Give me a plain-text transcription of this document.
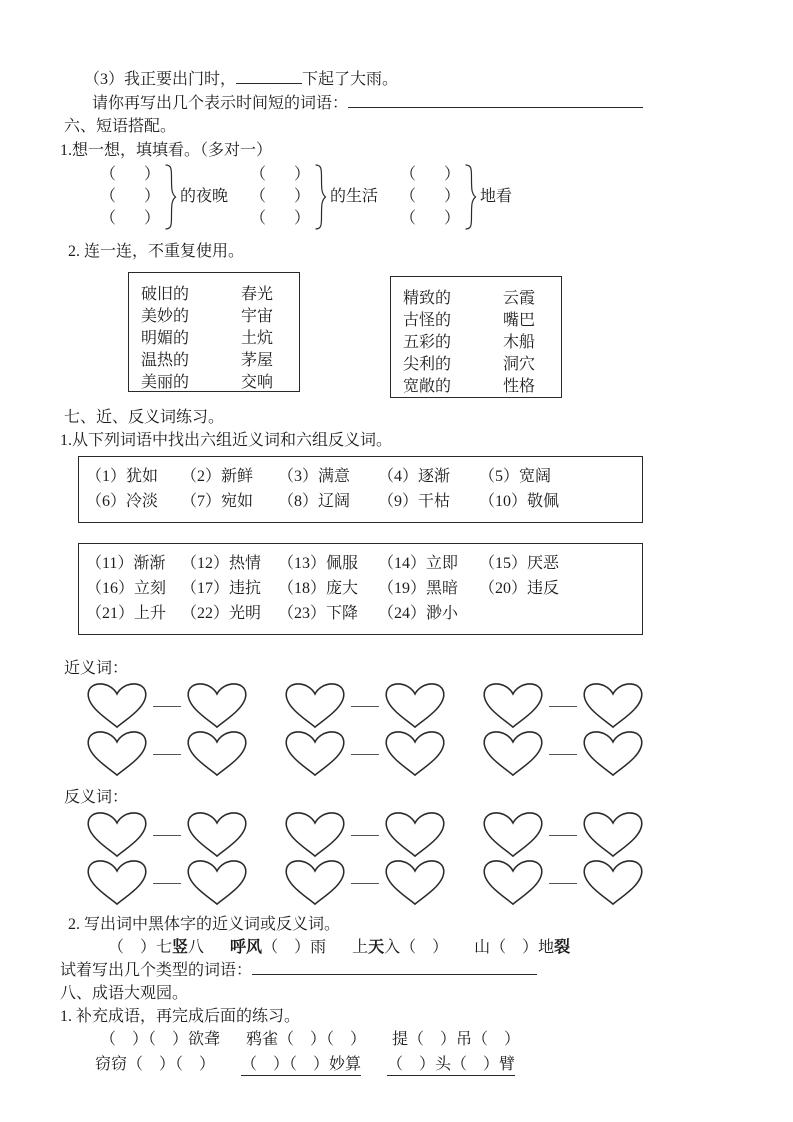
（3）我正要出门时，	下起了大雨。
请你再写出几个表示时间短的词语：
六、短语搭配。
1.想一想，填填看。（多对一）
（ ）
（ ）
（ ）
的夜晚
（ ）
（ ）
（ ）
的生活
（ ）
（ ）
（ ）
地看
2. 连一连，不重复使用。
破旧的	春光
美妙的	宇宙
明媚的	土炕
温热的	茅屋
美丽的	交响
精致的	云霞
古怪的	嘴巴
五彩的	木船
尖利的	洞穴
宽敞的	性格
七、近、反义词练习。
1.从下列词语中找出六组近义词和六组反义词。
（1）犹如	（2）新鲜	（3）满意	（4）逐渐	（5）宽阔
（6）冷淡	（7）宛如	（8）辽阔	（9）干枯	（10）敬佩
（11）渐渐 （12）热情	（13）佩服	（14）立即	（15）厌恶
（16）立刻 （17）违抗	（18）庞大	（19）黑暗	（20）违反
（21）上升 （22）光明	（23）下降	（24）渺小
近义词：
反义词：
2. 写出词中黑体字的近义词或反义词。
（　）七竖八 呼风（　）雨 上天入（　） 山（　）地裂
试着写出几个类型的词语：
八、成语大观园。
1. 补充成语，再完成后面的练习。
（　）（　）欲聋 鸦雀（　）（　） 提（　）吊（　）
窃窃（　）（　） （　）（　）妙算 （　）头（　）臂
